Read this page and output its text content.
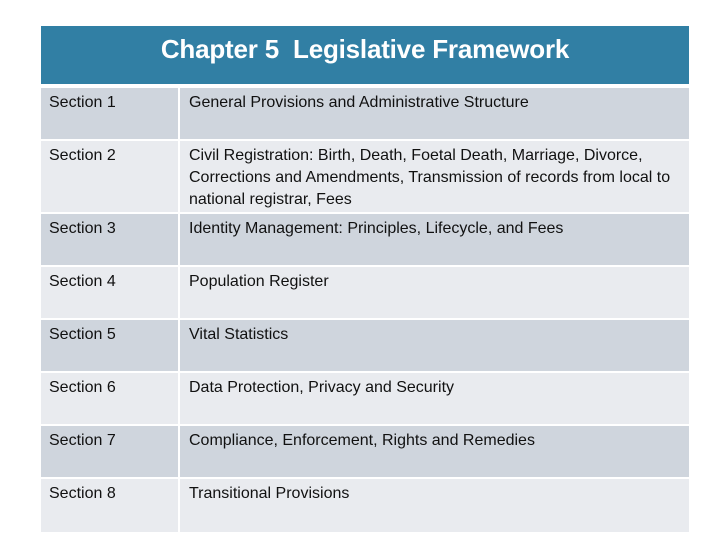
Chapter 5  Legislative Framework
Section 1	General Provisions and Administrative Structure
Section 2	Civil Registration: Birth, Death, Foetal Death, Marriage, Divorce, Corrections and Amendments, Transmission of records from local to national registrar, Fees
Section 3	Identity Management: Principles, Lifecycle, and Fees
Section 4	Population Register
Section 5	Vital Statistics
Section 6	Data Protection, Privacy and Security
Section 7	Compliance, Enforcement, Rights and Remedies
Section 8	Transitional Provisions
